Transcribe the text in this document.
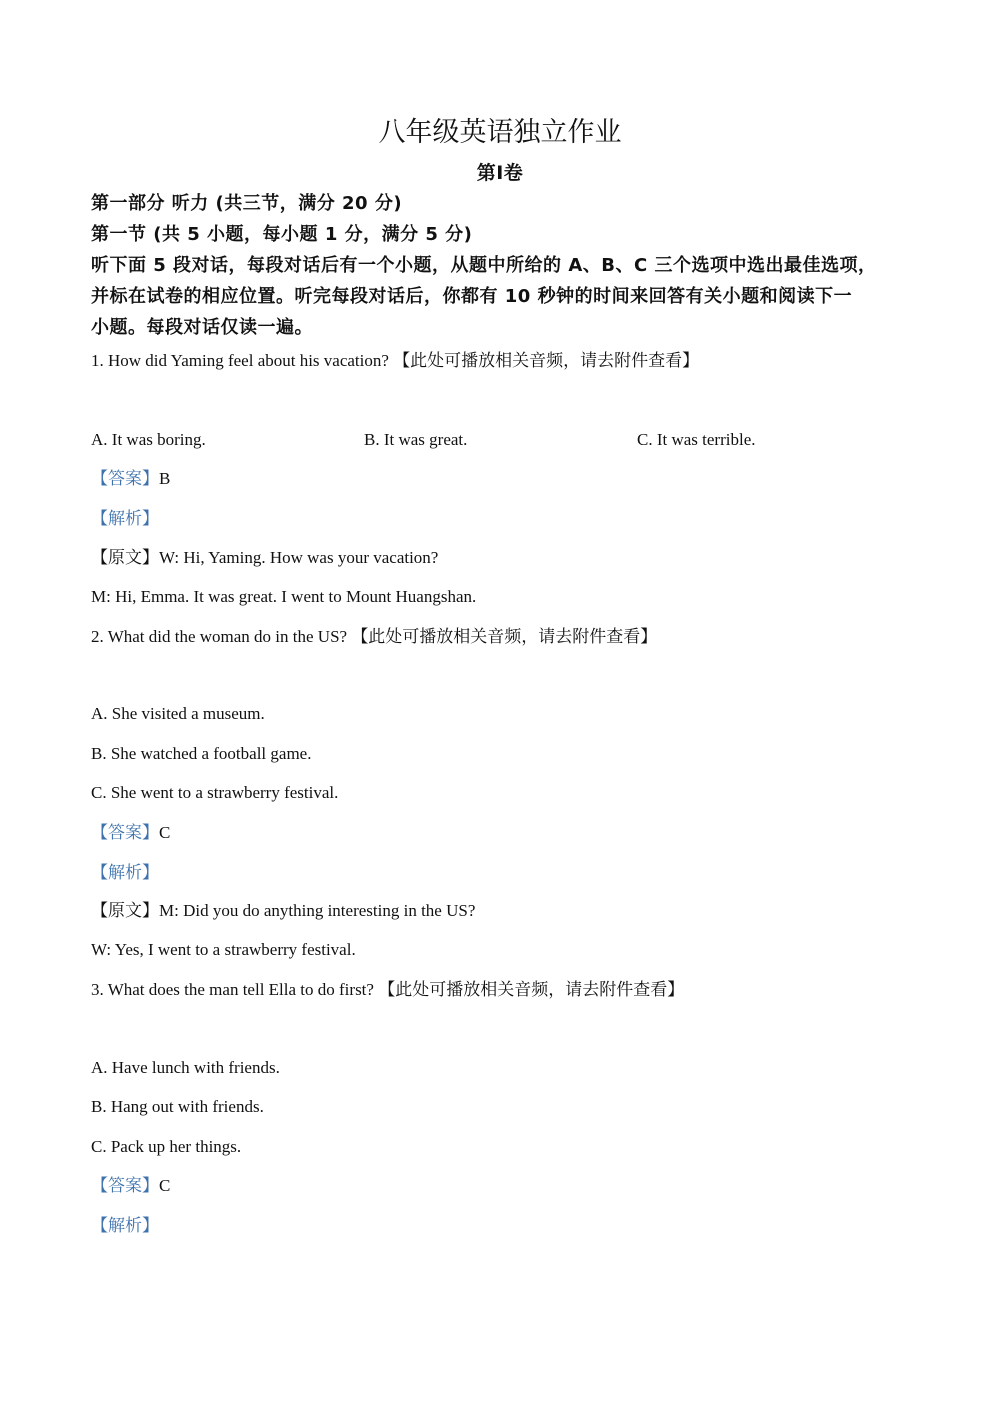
八年级英语独立作业
第Ⅰ卷
第一部分 听力 (共三节，满分 20 分)
第一节 (共 5 小题，每小题 1 分，满分 5 分)
听下面 5 段对话，每段对话后有一个小题，从题中所给的 A、B、C 三个选项中选出最佳选项，
并标在试卷的相应位置。听完每段对话后，你都有 10 秒钟的时间来回答有关小题和阅读下一
小题。每段对话仅读一遍。
1. How did Yaming feel about his vacation? 【此处可播放相关音频，请去附件查看】
A. It was boring.	B. It was great.	C. It was terrible.
【答案】B
【解析】
【原文】W: Hi, Yaming. How was your vacation?
M: Hi, Emma. It was great. I went to Mount Huangshan.
2. What did the woman do in the US? 【此处可播放相关音频，请去附件查看】
A. She visited a museum.
B. She watched a football game.
C. She went to a strawberry festival.
【答案】C
【解析】
【原文】M: Did you do anything interesting in the US?
W: Yes, I went to a strawberry festival.
3. What does the man tell Ella to do first? 【此处可播放相关音频，请去附件查看】
A. Have lunch with friends.
B. Hang out with friends.
C. Pack up her things.
【答案】C
【解析】
